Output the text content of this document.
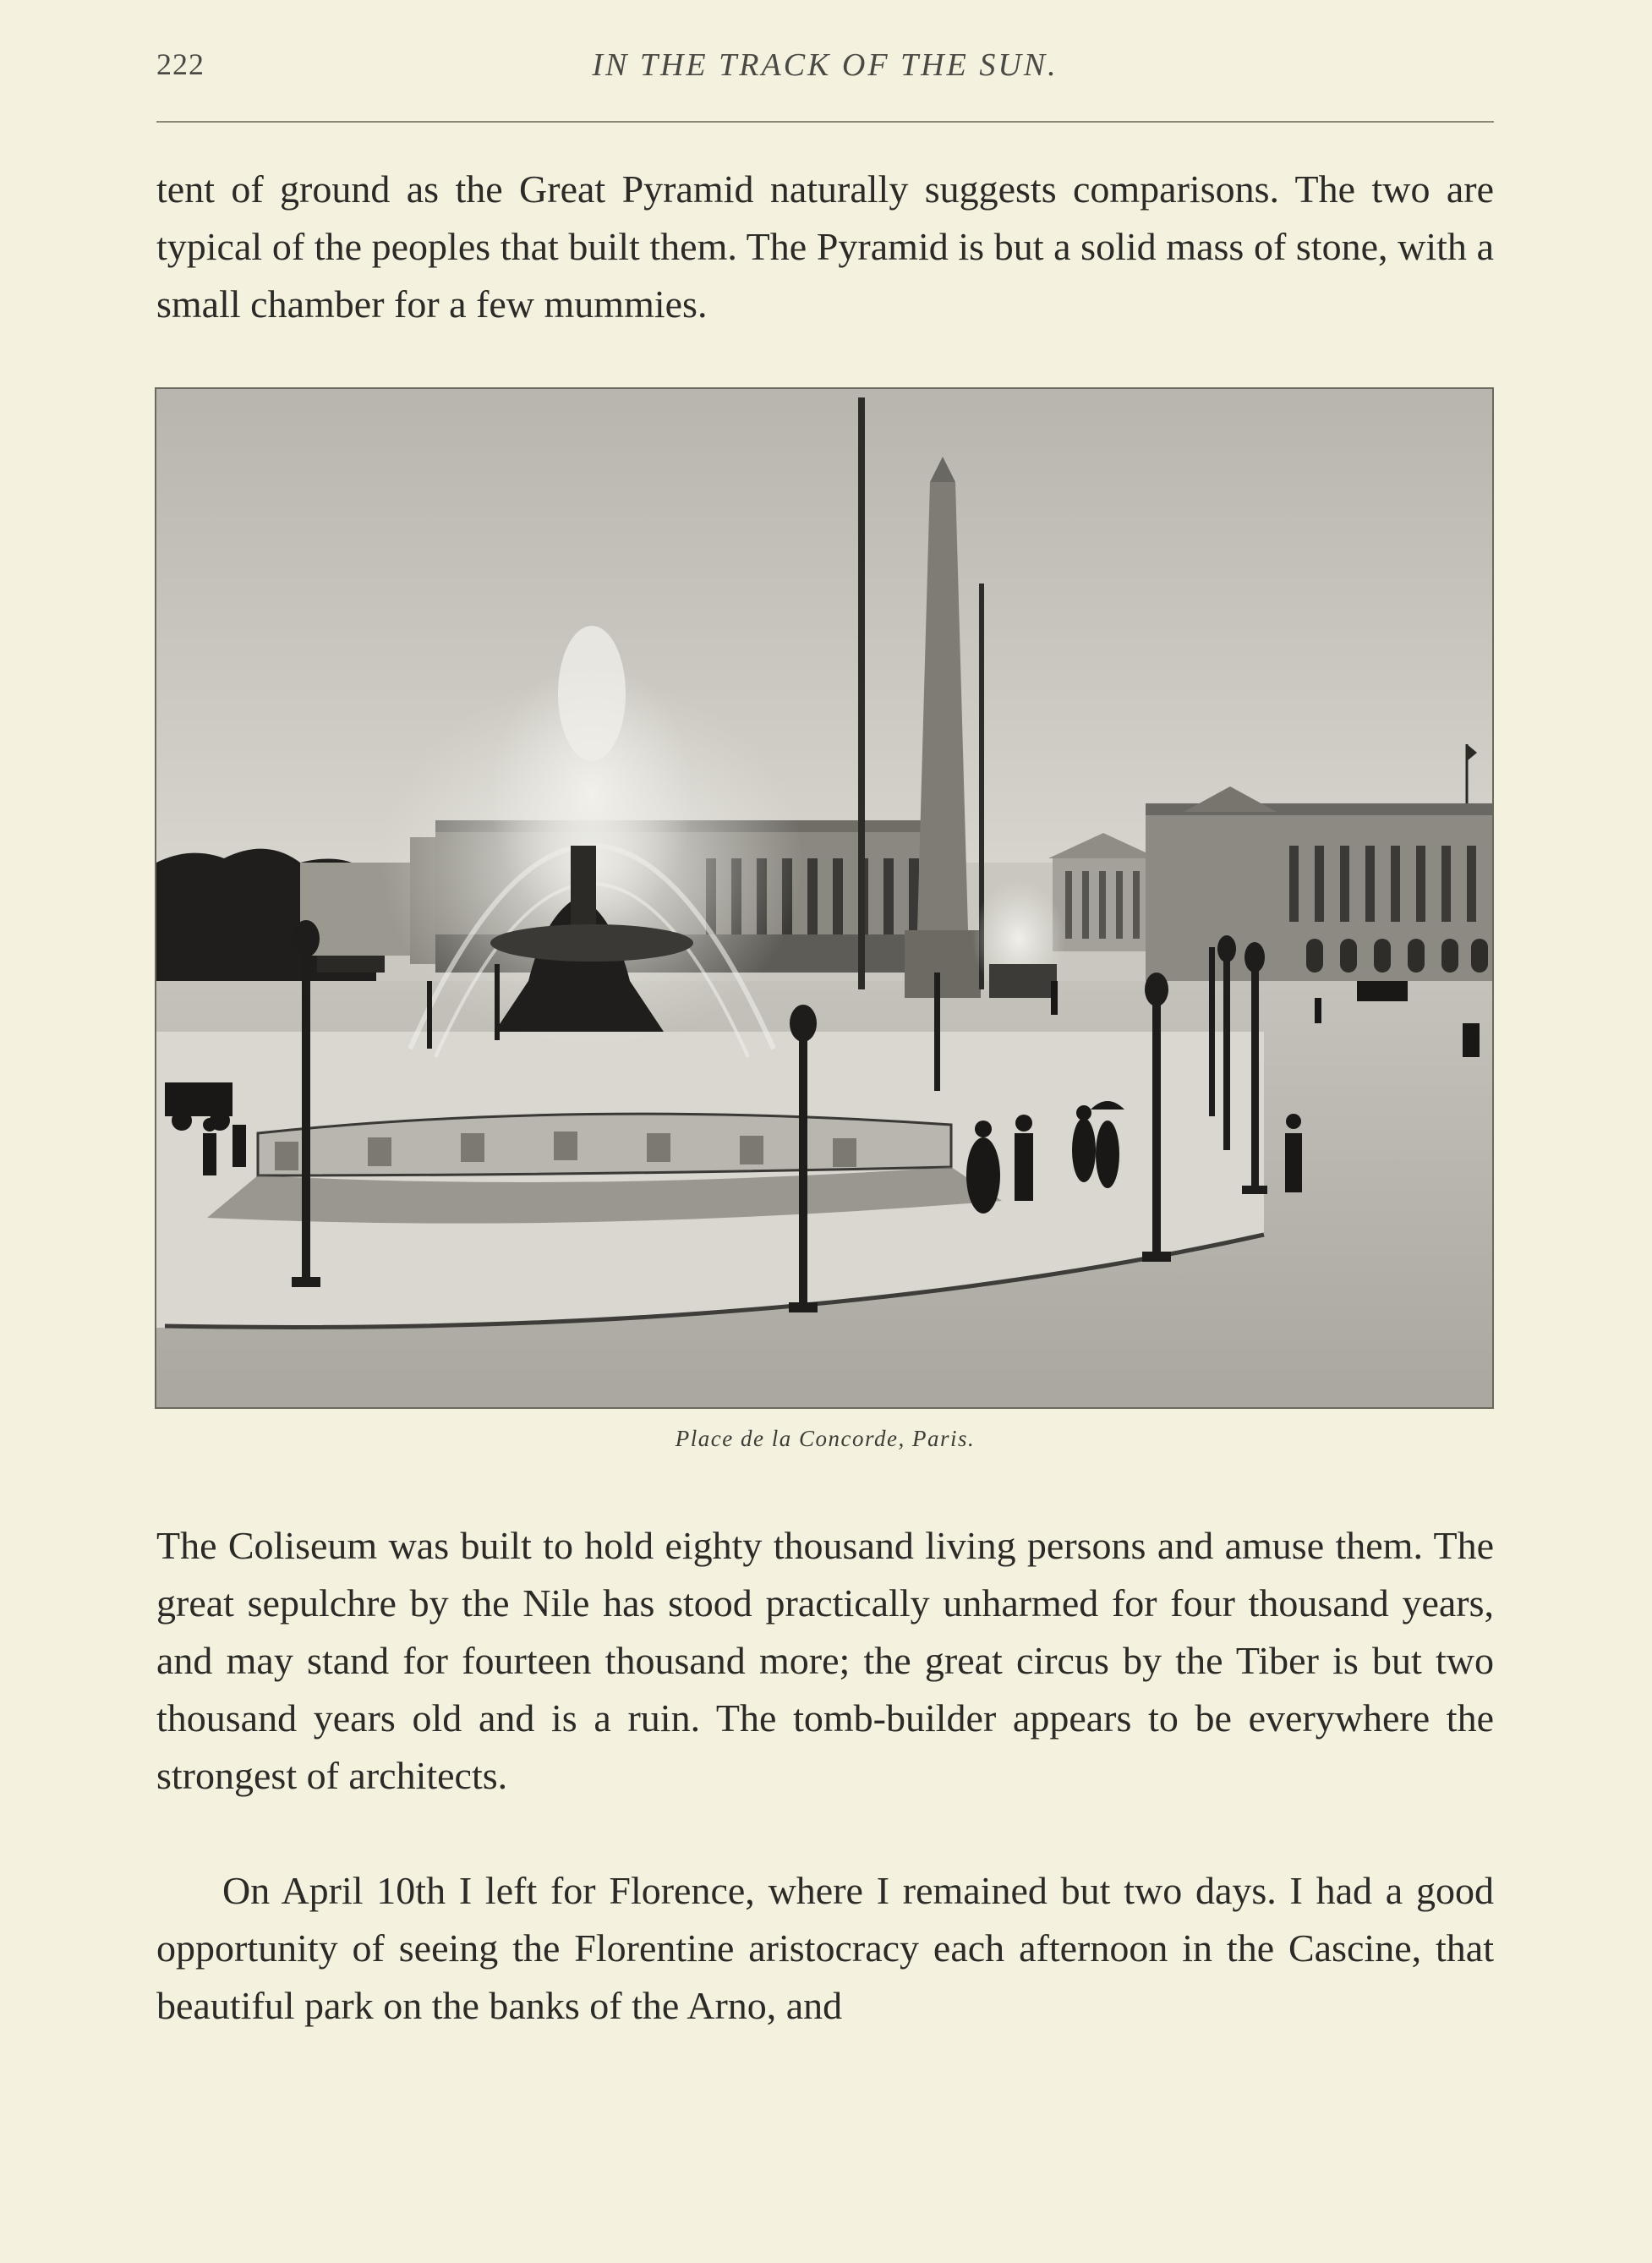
222	IN THE TRACK OF THE SUN.

tent of ground as the Great Pyramid naturally suggests comparisons. The two are typical of the peoples that built them. The Pyramid is but a solid mass of stone, with a small chamber for a few mummies.

Place de la Concorde, Paris.

The Coliseum was built to hold eighty thousand living persons and amuse them. The great sepulchre by the Nile has stood practically unharmed for four thousand years, and may stand for fourteen thousand more; the great circus by the Tiber is but two thousand years old and is a ruin. The tomb-builder appears to be everywhere the strongest of architects.

On April 10th I left for Florence, where I remained but two days. I had a good opportunity of seeing the Florentine aristocracy each afternoon in the Cascine, that beautiful park on the banks of the Arno, and
